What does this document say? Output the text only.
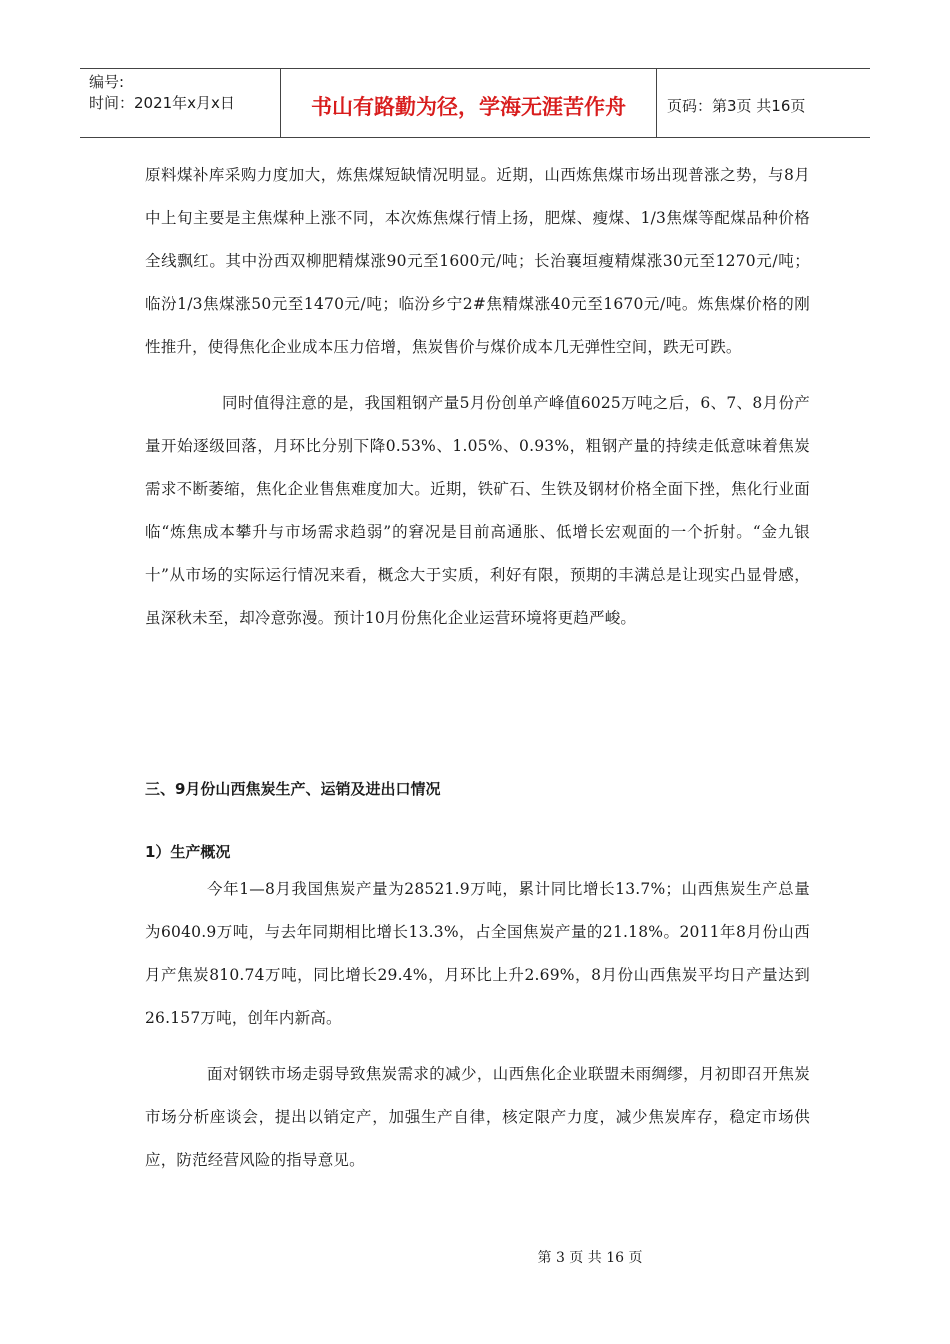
编号:
时间：2021年x月x日	书山有路勤为径，学海无涯苦作舟	页码：第3页 共16页

原料煤补库采购力度加大，炼焦煤短缺情况明显。近期，山西炼焦煤市场出现普涨之势，与8月中上旬主要是主焦煤种上涨不同，本次炼焦煤行情上扬，肥煤、瘦煤、1/3焦煤等配煤品种价格全线飘红。其中汾西双柳肥精煤涨90元至1600元/吨；长治襄垣瘦精煤涨30元至1270元/吨；临汾1/3焦煤涨50元至1470元/吨；临汾乡宁2#焦精煤涨40元至1670元/吨。炼焦煤价格的刚性推升，使得焦化企业成本压力倍增，焦炭售价与煤价成本几无弹性空间，跌无可跌。

同时值得注意的是，我国粗钢产量5月份创单产峰值6025万吨之后，6、7、8月份产量开始逐级回落，月环比分别下降0.53%、1.05%、0.93%，粗钢产量的持续走低意味着焦炭需求不断萎缩，焦化企业售焦难度加大。近期，铁矿石、生铁及钢材价格全面下挫，焦化行业面临“炼焦成本攀升与市场需求趋弱”的窘况是目前高通胀、低增长宏观面的一个折射。“金九银十”从市场的实际运行情况来看，概念大于实质，利好有限，预期的丰满总是让现实凸显骨感，虽深秋未至，却冷意弥漫。预计10月份焦化企业运营环境将更趋严峻。

三、9月份山西焦炭生产、运销及进出口情况

1）生产概况

今年1—8月我国焦炭产量为28521.9万吨，累计同比增长13.7%；山西焦炭生产总量为6040.9万吨，与去年同期相比增长13.3%，占全国焦炭产量的21.18%。2011年8月份山西月产焦炭810.74万吨，同比增长29.4%，月环比上升2.69%，8月份山西焦炭平均日产量达到26.157万吨，创年内新高。

面对钢铁市场走弱导致焦炭需求的减少，山西焦化企业联盟未雨绸缪，月初即召开焦炭市场分析座谈会，提出以销定产，加强生产自律，核定限产力度，减少焦炭库存，稳定市场供应，防范经营风险的指导意见。

第 3 页 共 16 页
